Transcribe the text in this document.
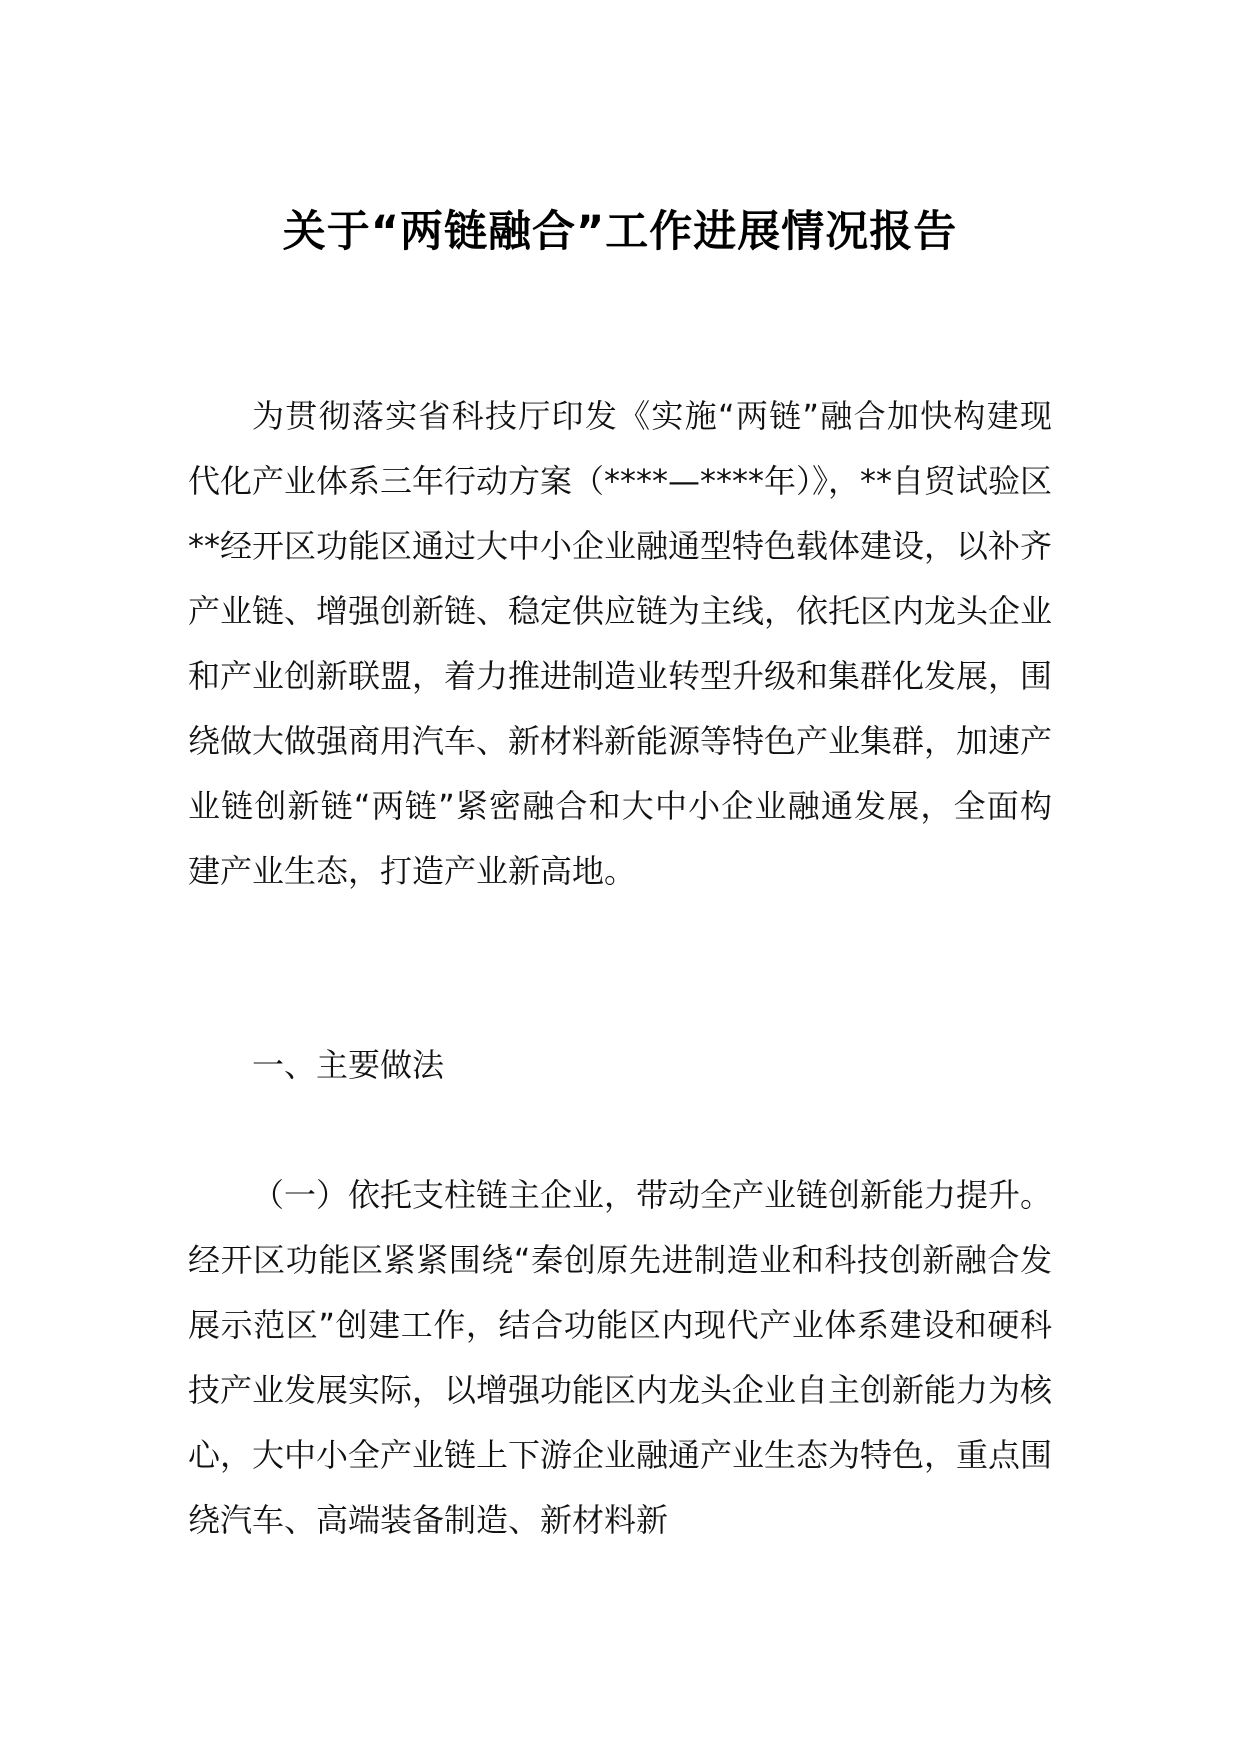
关于“两链融合”工作进展情况报告

为贯彻落实省科技厅印发《实施“两链”融合加快构建现代化产业体系三年行动方案（****—****年）》，**自贸试验区**经开区功能区通过大中小企业融通型特色载体建设，以补齐产业链、增强创新链、稳定供应链为主线，依托区内龙头企业和产业创新联盟，着力推进制造业转型升级和集群化发展，围绕做大做强商用汽车、新材料新能源等特色产业集群，加速产业链创新链“两链”紧密融合和大中小企业融通发展，全面构建产业生态，打造产业新高地。

一、主要做法

（一）依托支柱链主企业，带动全产业链创新能力提升。经开区功能区紧紧围绕“秦创原先进制造业和科技创新融合发展示范区”创建工作，结合功能区内现代产业体系建设和硬科技产业发展实际，以增强功能区内龙头企业自主创新能力为核心，大中小全产业链上下游企业融通产业生态为特色，重点围绕汽车、高端装备制造、新材料新
